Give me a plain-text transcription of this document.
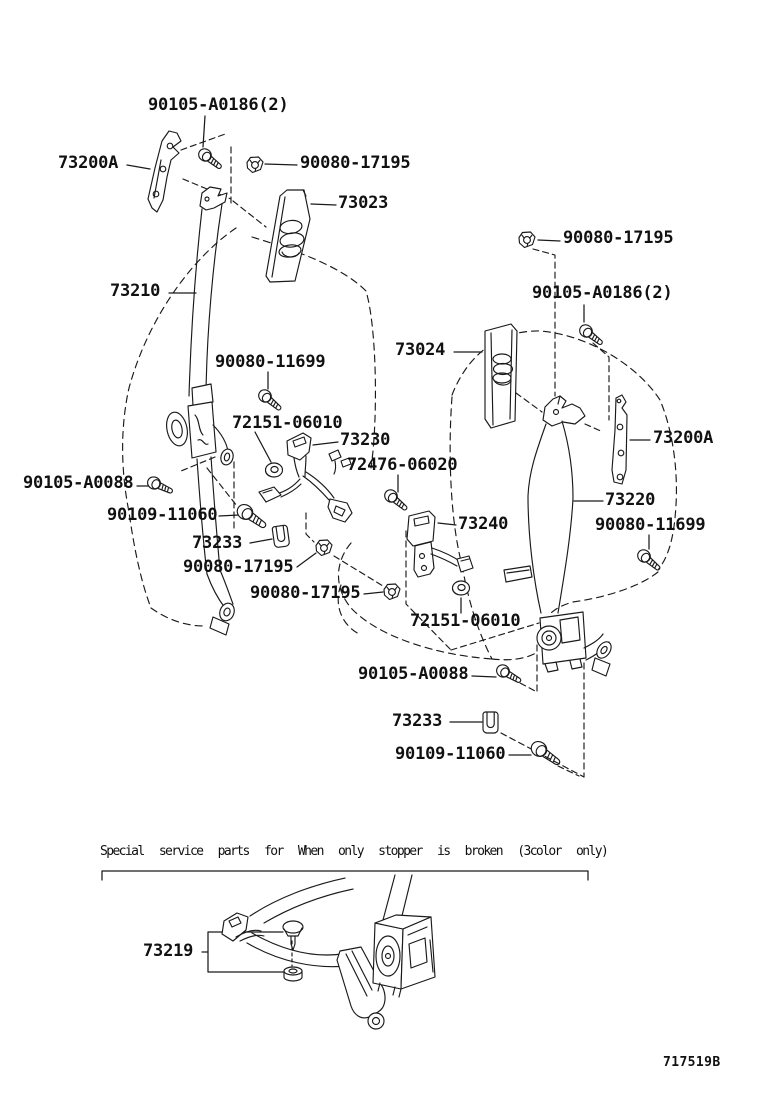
90105-A0186(2)
73200A	90080-17195
73023
73210
90080-17195
90105-A0186(2)
73024
90080-11699
72151-06010
73230
72476-06020
73200A
73220
90080-11699
73240
90105-A0088
90109-11060
73233
90080-17195
90080-17195
72151-06010
90105-A0088
73233
90109-11060
73219
Special service parts for When only stopper is broken (3color only)
717519B
